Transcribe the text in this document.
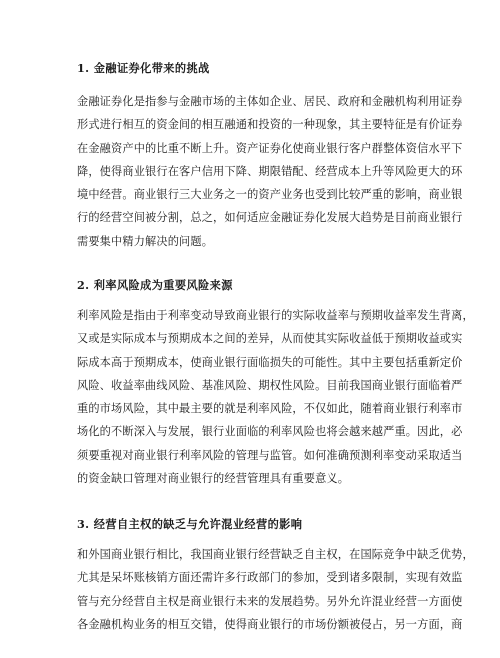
1. 金融证券化带来的挑战

金融证券化是指参与金融市场的主体如企业、居民、政府和金融机构利用证券
形式进行相互的资金间的相互融通和投资的一种现象，其主要特征是有价证券
在金融资产中的比重不断上升。资产证券化使商业银行客户群整体资信水平下
降，使得商业银行在客户信用下降、期限错配、经营成本上升等风险更大的环
境中经营。商业银行三大业务之一的资产业务也受到比较严重的影响，商业银
行的经营空间被分割，总之，如何适应金融证券化发展大趋势是目前商业银行
需要集中精力解决的问题。

2. 利率风险成为重要风险来源

利率风险是指由于利率变动导致商业银行的实际收益率与预期收益率发生背离，
又或是实际成本与预期成本之间的差异，从而使其实际收益低于预期收益或实
际成本高于预期成本，使商业银行面临损失的可能性。其中主要包括重新定价
风险、收益率曲线风险、基准风险、期权性风险。目前我国商业银行面临着严
重的市场风险，其中最主要的就是利率风险，不仅如此，随着商业银行利率市
场化的不断深入与发展，银行业面临的利率风险也将会越来越严重。因此，必
须要重视对商业银行利率风险的管理与监管。如何准确预测利率变动采取适当
的资金缺口管理对商业银行的经营管理具有重要意义。

3. 经营自主权的缺乏与允许混业经营的影响

和外国商业银行相比，我国商业银行经营缺乏自主权，在国际竞争中缺乏优势，
尤其是呆坏账核销方面还需许多行政部门的参加，受到诸多限制，实现有效监
管与充分经营自主权是商业银行未来的发展趋势。另外允许混业经营一方面使
各金融机构业务的相互交错，使得商业银行的市场份额被侵占，另一方面，商
